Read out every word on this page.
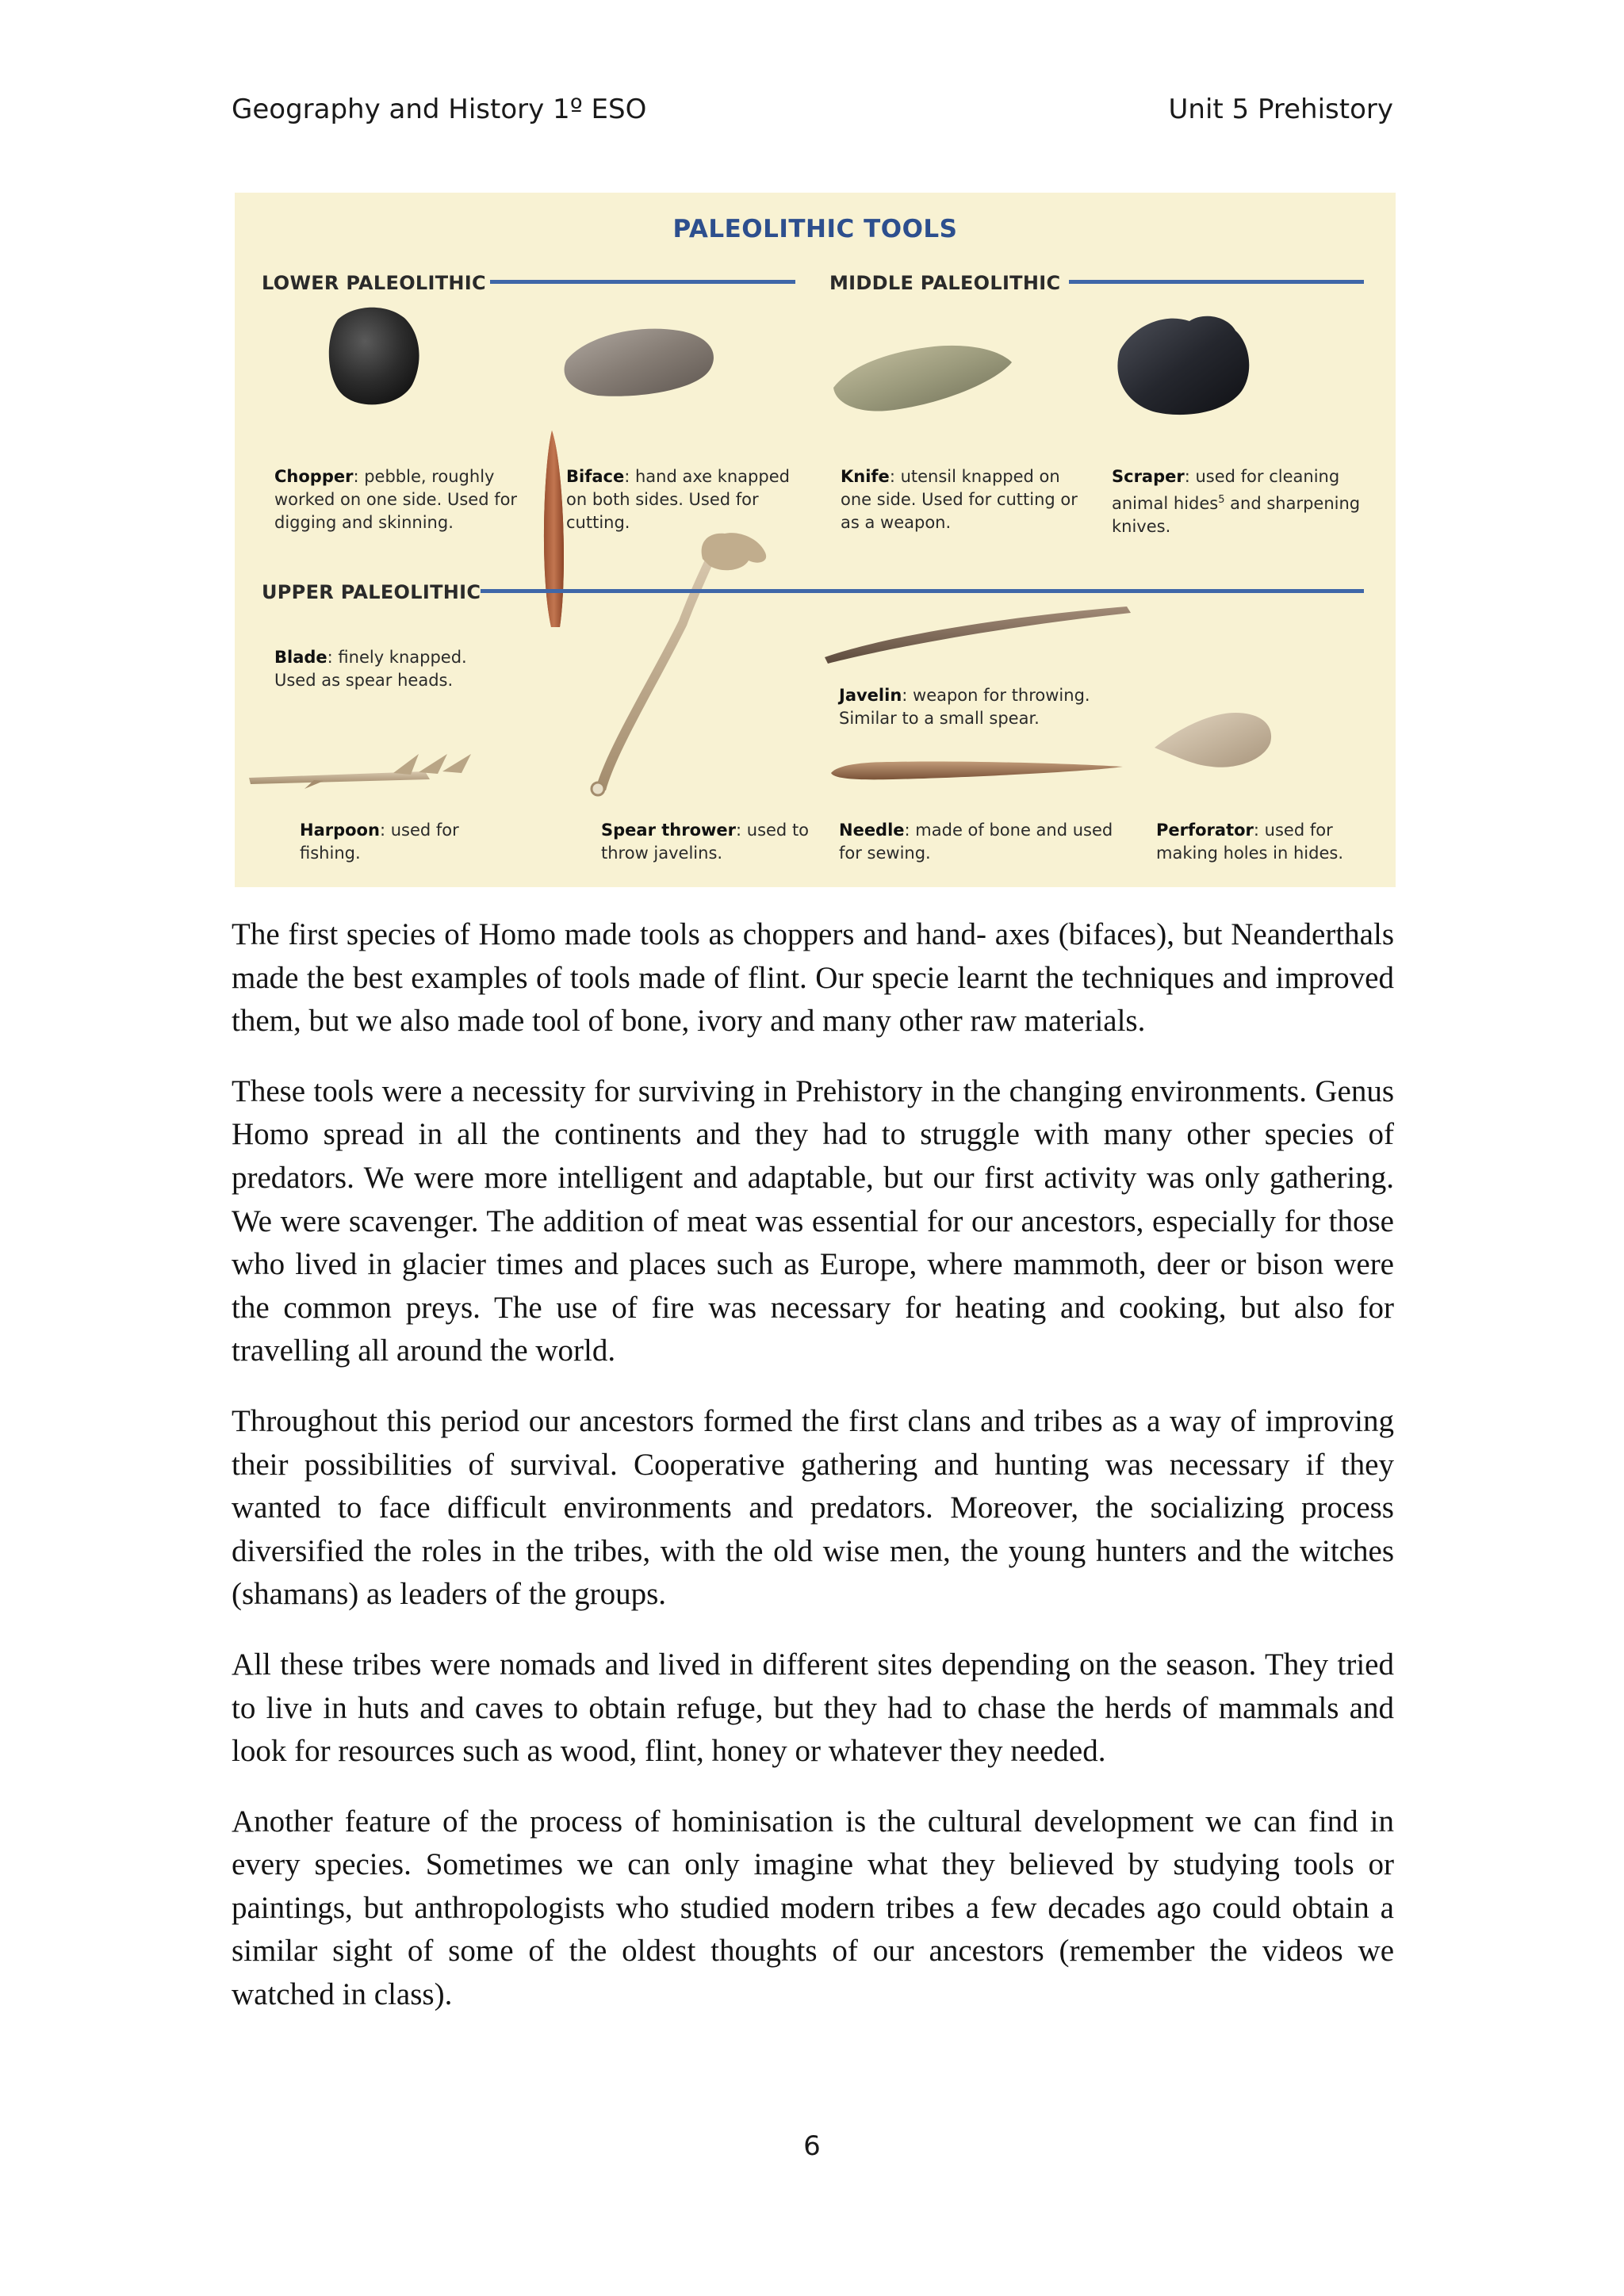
Geography and History 1º ESO	Unit 5 Prehistory
PALEOLITHIC TOOLS
LOWER PALEOLITHIC	MIDDLE PALEOLITHIC
UPPER PALEOLITHIC
Chopper: pebble, roughly worked on one side. Used for digging and skinning.
Biface: hand axe knapped on both sides. Used for cutting.
Knife: utensil knapped on one side. Used for cutting or as a weapon.
Scraper: used for cleaning animal hides$^5$ and sharpening knives.
Blade: finely knapped. Used as spear heads.
Javelin: weapon for throwing. Similar to a small spear.
Harpoon: used for fishing.
Spear thrower: used to throw javelins.
Needle: made of bone and used for sewing.
Perforator: used for making holes in hides.

The first species of Homo made tools as choppers and hand- axes (bifaces), but Neanderthals made the best examples of tools made of flint. Our specie learnt the techniques and improved them, but we also made tool of bone, ivory and many other raw materials.

These tools were a necessity for surviving in Prehistory in the changing environments. Genus Homo spread in all the continents and they had to struggle with many other species of predators. We were more intelligent and adaptable, but our first activity was only gathering. We were scavenger. The addition of meat was essential for our ancestors, especially for those who lived in glacier times and places such as Europe, where mammoth, deer or bison were the common preys. The use of fire was necessary for heating and cooking, but also for travelling all around the world.

Throughout this period our ancestors formed the first clans and tribes as a way of improving their possibilities of survival. Cooperative gathering and hunting was necessary if they wanted to face difficult environments and predators. Moreover, the socializing process diversified the roles in the tribes, with the old wise men, the young hunters and the witches (shamans) as leaders of the groups.

All these tribes were nomads and lived in different sites depending on the season. They tried to live in huts and caves to obtain refuge, but they had to chase the herds of mammals and look for resources such as wood, flint, honey or whatever they needed.

Another feature of the process of hominisation is the cultural development we can find in every species. Sometimes we can only imagine what they believed by studying tools or paintings, but anthropologists who studied modern tribes a few decades ago could obtain a similar sight of some of the oldest thoughts of our ancestors (remember the videos we watched in class).

6
